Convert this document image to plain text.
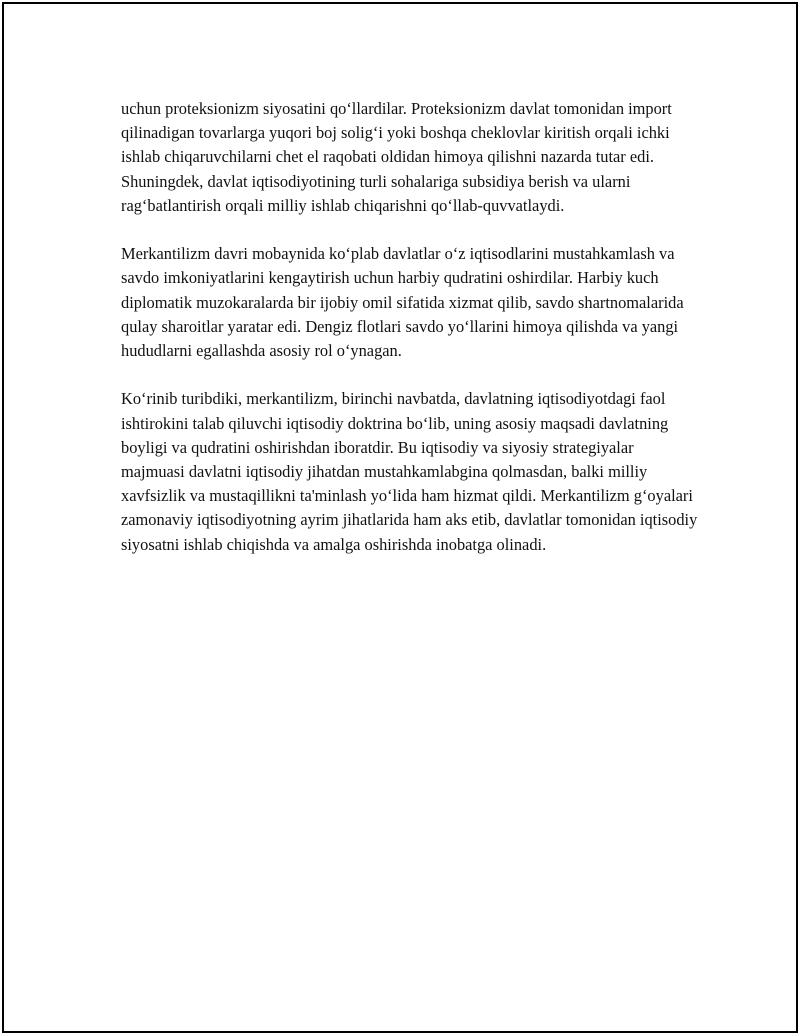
uchun proteksionizm siyosatini qo‘llardilar. Proteksionizm davlat tomonidan import qilinadigan tovarlarga yuqori boj solig‘i yoki boshqa cheklovlar kiritish orqali ichki ishlab chiqaruvchilarni chet el raqobati oldidan himoya qilishni nazarda tutar edi. Shuningdek, davlat iqtisodiyotining turli sohalariga subsidiya berish va ularni rag‘batlantirish orqali milliy ishlab chiqarishni qo‘llab-quvvatlaydi.

Merkantilizm davri mobaynida ko‘plab davlatlar o‘z iqtisodlarini mustahkamlash va savdo imkoniyatlarini kengaytirish uchun harbiy qudratini oshirdilar. Harbiy kuch diplomatik muzokaralarda bir ijobiy omil sifatida xizmat qilib, savdo shartnomalarida qulay sharoitlar yaratar edi. Dengiz flotlari savdo yo‘llarini himoya qilishda va yangi hududlarni egallashda asosiy rol o‘ynagan.

Ko‘rinib turibdiki, merkantilizm, birinchi navbatda, davlatning iqtisodiyotdagi faol ishtirokini talab qiluvchi iqtisodiy doktrina bo‘lib, uning asosiy maqsadi davlatning boyligi va qudratini oshirishdan iboratdir. Bu iqtisodiy va siyosiy strategiyalar majmuasi davlatni iqtisodiy jihatdan mustahkamlabgina qolmasdan, balki milliy xavfsizlik va mustaqillikni ta'minlash yo‘lida ham hizmat qildi. Merkantilizm g‘oyalari zamonaviy iqtisodiyotning ayrim jihatlarida ham aks etib, davlatlar tomonidan iqtisodiy siyosatni ishlab chiqishda va amalga oshirishda inobatga olinadi.
